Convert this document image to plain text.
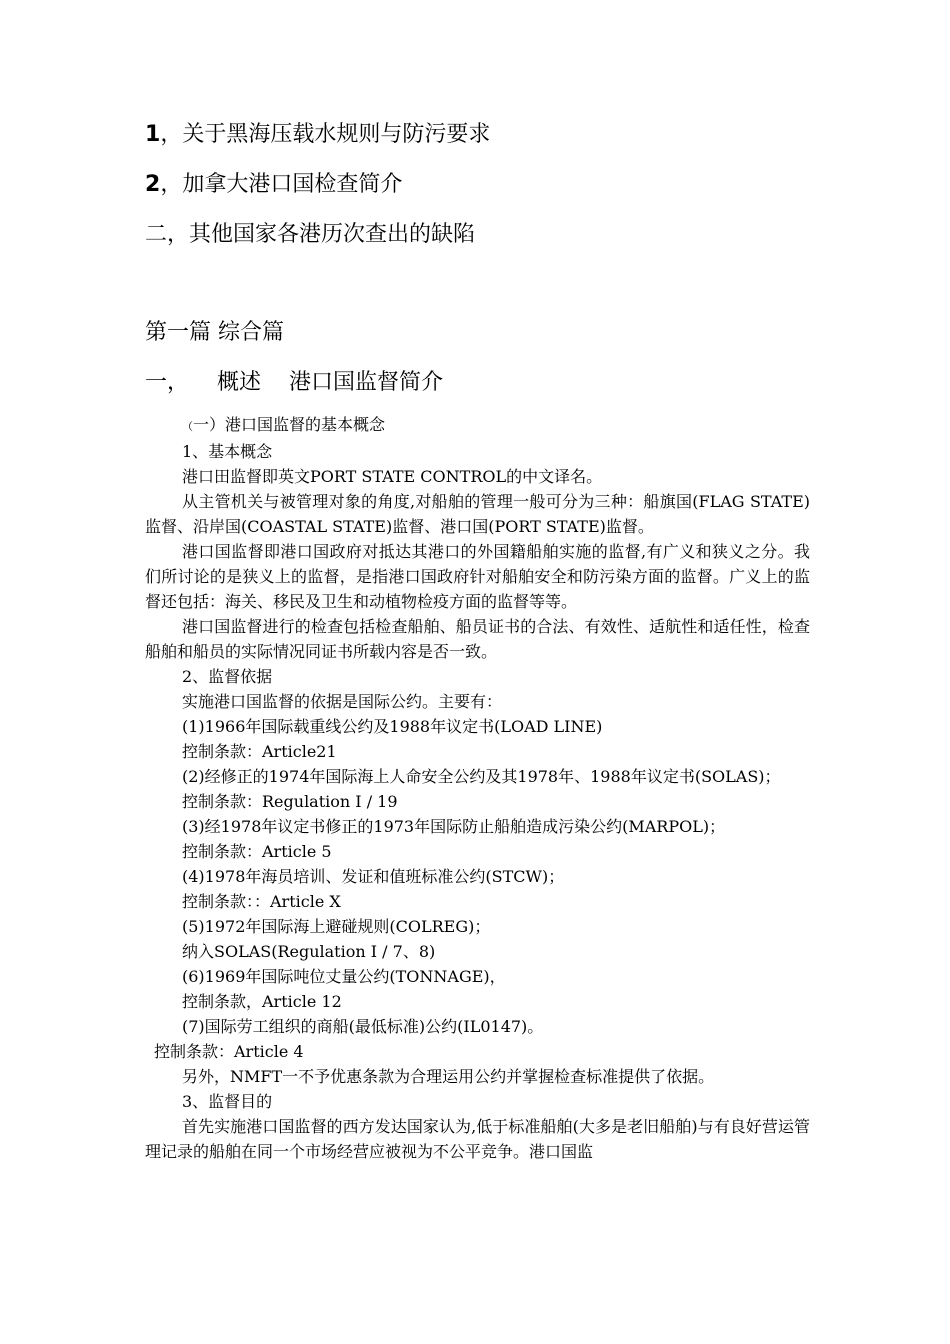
1，关于黑海压载水规则与防污要求
2，加拿大港口国检查简介
二，其他国家各港历次查出的缺陷
第一篇 综合篇
一， 概述 港口国监督简介

（一）港口国监督的基本概念

1、基本概念

港口田监督即英文PORT STATE CONTROL的中文译名。

从主管机关与被管理对象的角度,对船舶的管理一般可分为三种：船旗国(FLAG STATE)监督、沿岸国(COASTAL STATE)监督、港口国(PORT STATE)监督。

港口国监督即港口国政府对抵达其港口的外国籍船舶实施的监督,有广义和狭义之分。我们所讨论的是狭义上的监督，是指港口国政府针对船舶安全和防污染方面的监督。广义上的监督还包括：海关、移民及卫生和动植物检疫方面的监督等等。

港口国监督进行的检查包括检查船舶、船员证书的合法、有效性、适航性和适任性，检查船舶和船员的实际情况同证书所载内容是否一致。

2、监督依据

实施港口国监督的依据是国际公约。主要有：

(1)1966年国际载重线公约及1988年议定书(LOAD LINE)

控制条款：Article21

(2)经修正的1974年国际海上人命安全公约及其1978年、1988年议定书(SOLAS)；

控制条款：Regulation I / 19

(3)经1978年议定书修正的1973年国际防止船舶造成污染公约(MARPOL)；

控制条款：Article 5

(4)1978年海员培训、发证和值班标准公约(STCW)；

控制条款：：Article X

(5)1972年国际海上避碰规则(COLREG)；

纳入SOLAS(Regulation I / 7、8)

(6)1969年国际吨位丈量公约(TONNAGE)，

控制条款，Article 12

(7)国际劳工组织的商船(最低标准)公约(IL0147)。

控制条款：Article 4

另外，NMFT一不予优惠条款为合理运用公约并掌握检查标准提供了依据。

3、监督目的

首先实施港口国监督的西方发达国家认为,低于标准船舶(大多是老旧船舶)与有良好营运管理记录的船舶在同一个市场经营应被视为不公平竞争。港口国监
